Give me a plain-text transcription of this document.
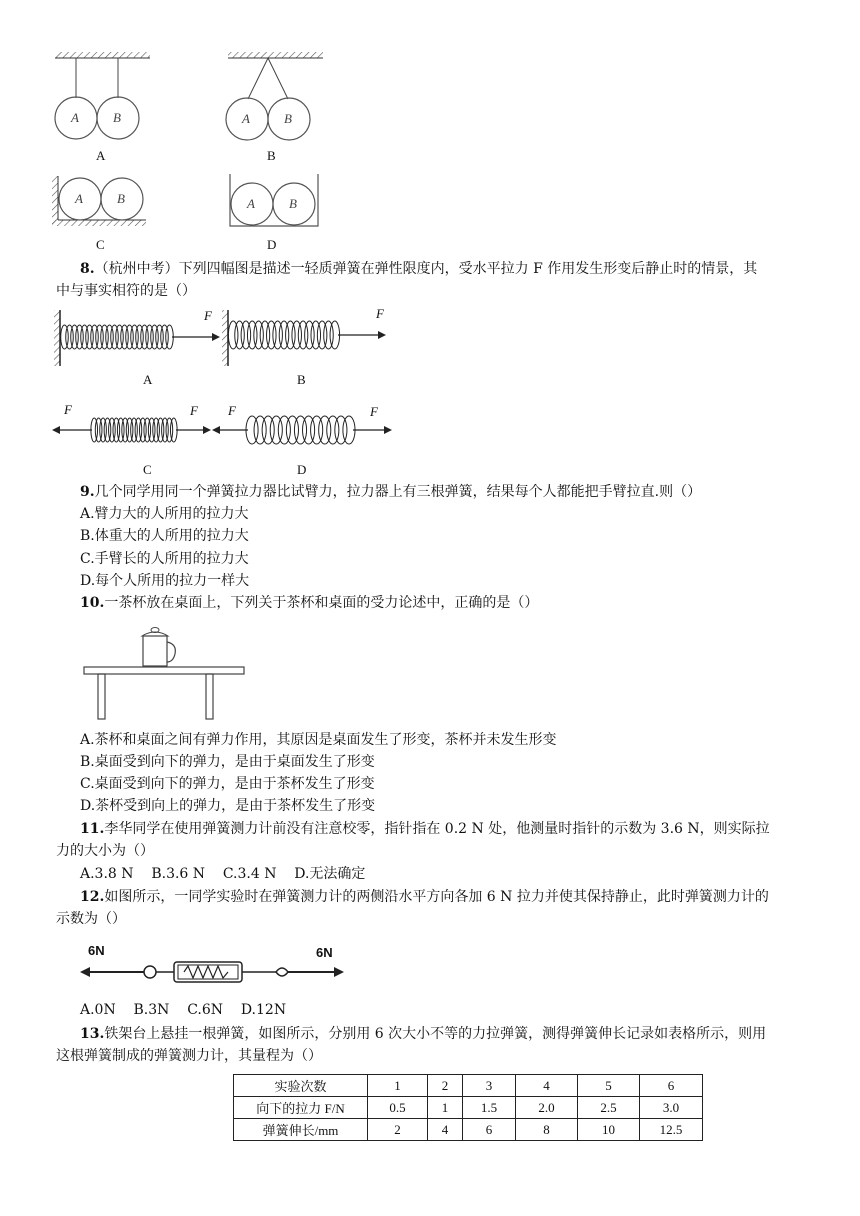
A	B	A	B
A	B	A	B
A	B
C	D
8.（杭州中考）下列四幅图是描述一轻质弹簧在弹性限度内，受水平拉力 F 作用发生形变后静止时的情景，其
中与事实相符的是（）
F	F
F	F F	F
A	B
C	D
9.几个同学用同一个弹簧拉力器比试臂力，拉力器上有三根弹簧，结果每个人都能把手臂拉直.则（）
A.臂力大的人所用的拉力大
B.体重大的人所用的拉力大
C.手臂长的人所用的拉力大
D.每个人所用的拉力一样大
10.一茶杯放在桌面上，下列关于茶杯和桌面的受力论述中，正确的是（）
A.茶杯和桌面之间有弹力作用，其原因是桌面发生了形变，茶杯并未发生形变
B.桌面受到向下的弹力，是由于桌面发生了形变
C.桌面受到向下的弹力，是由于茶杯发生了形变
D.茶杯受到向上的弹力，是由于茶杯发生了形变
11.李华同学在使用弹簧测力计前没有注意校零，指针指在 0.2 N 处，他测量时指针的示数为 3.6 N，则实际拉
力的大小为（）
A.3.8 N    B.3.6 N    C.3.4 N    D.无法确定
12.如图所示，一同学实验时在弹簧测力计的两侧沿水平方向各加 6 N 拉力并使其保持静止，此时弹簧测力计的
示数为（）
6N	6N
A.0N    B.3N    C.6N    D.12N
13.铁架台上悬挂一根弹簧，如图所示，分别用 6 次大小不等的力拉弹簧，测得弹簧伸长记录如表格所示，则用
这根弹簧制成的弹簧测力计，其量程为（）
实验次数	1	2	3	4	5	6
向下的拉力 F/N	0.5	1	1.5	2.0	2.5	3.0
弹簧伸长/mm	2	4	6	8	10	12.5
